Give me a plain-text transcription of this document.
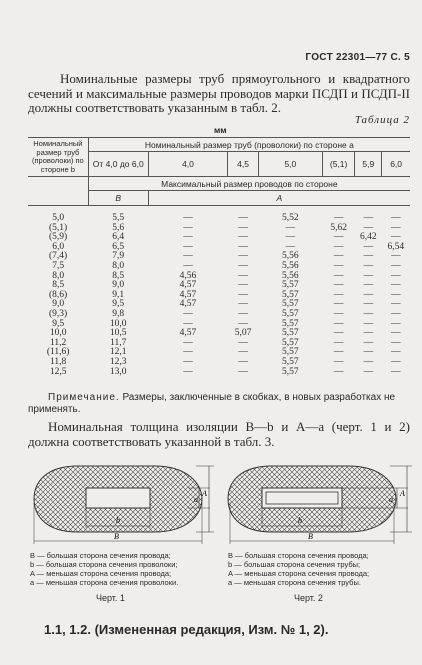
ГОСТ 22301—77 С. 5

Номинальные размеры труб прямоугольного и квадратного сечений и максимальные размеры проводов марки ПСДП и ПСДП-II должны соответствовать указанным в табл. 2.

Таблица 2
мм
Номинальный размер труб (проволоки) по стороне b	Номинальный размер труб (проволоки) по стороне a						
	От 4,0 до 6,0	4,0	4,5	5,0	(5,1)	5,9	6,0
	Максимальный размер проводов по стороне						
	B	A					
5,0	5,5	—	—	5,52	—	—	—
(5,1)	5,6	—	—	—	5,62	—	—
(5,9)	6,4	—	—	—	—	6,42	—
6,0	6,5	—	—	—	—	—	6,54
(7,4)	7,9	—	—	5,56	—	—	—
7,5	8,0	—	—	5,56	—	—	—
8,0	8,5	4,56	—	5,56	—	—	—
8,5	9,0	4,57	—	5,57	—	—	—
(8,6)	9,1	4,57	—	5,57	—	—	—
9,0	9,5	4,57	—	5,57	—	—	—
(9,3)	9,8	—	—	5,57	—	—	—
9,5	10,0	—	—	5,57	—	—	—
10,0	10,5	4,57	5,07	5,57	—	—	—
11,2	11,7	—	—	5,57	—	—	—
(11,6)	12,1	—	—	5,57	—	—	—
11,8	12,3	—	—	5,57	—	—	—
12,5	13,0	—	—	5,57	—	—	—

Примечание. Размеры, заключенные в скобках, в новых разработках не применять.

Номинальная толщина изоляции B—b и A—a (черт. 1 и 2) должна соответствовать указанной в табл. 3.

a
A
b
B
a
A
b
B
B — большая сторона сечения провода;
b — большая сторона сечения проволоки;
A — меньшая сторона сечения провода;
a — меньшая сторона сечения проволоки.
B — большая сторона сечения провода;
b — большая сторона сечения трубы;
A — меньшая сторона сечения провода;
a — меньшая сторона сечения трубы.
Черт. 1	Черт. 2
1.1, 1.2. (Измененная редакция, Изм. № 1, 2).
